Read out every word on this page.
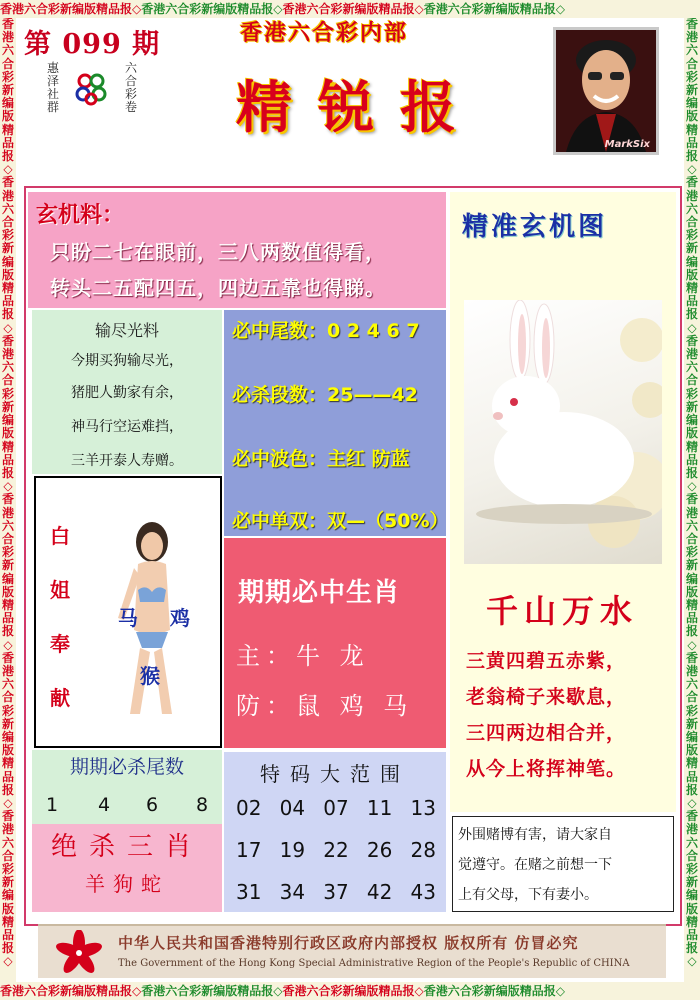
香港六合彩新编版精品报◇香港六合彩新编版精品报◇香港六合彩新编版精品报◇香港六合彩新编版精品报◇
香港六合彩新编版精品报◇香港六合彩新编版精品报◇香港六合彩新编版精品报◇香港六合彩新编版精品报◇
香港六合彩新编版精品报◇香港六合彩新编版精品报◇香港六合彩新编版精品报◇香港六合彩新编版精品报◇香港六合彩新编版精品报◇香港六合彩新编版精品报◇
香港六合彩新编版精品报◇香港六合彩新编版精品报◇香港六合彩新编版精品报◇香港六合彩新编版精品报◇香港六合彩新编版精品报◇香港六合彩新编版精品报◇
第 099 期
惠泽社群
六合彩卷
香港六合彩内部
精锐报
MarkSix
玄机料：
只盼二七在眼前，三八两数值得看，
转头二五配四五，四边五靠也得睇。
输尽光料
今期买狗输尽光，
猪肥人勤家有余，
神马行空运难挡，
三羊开泰人寿赠。
必中尾数：0 2 4 6 7
必杀段数：25——42
必中波色：主红 防蓝
必中单双：双—（50%）
白
姐
奉
献
马 鸡
猴
期期必中生肖
主：牛 龙
防：鼠 鸡 马
期期必杀尾数
1 4 6 8
绝杀三肖
羊狗蛇
特码大范围
02 04 07 11 13
17 19 22 26 28
31 34 37 42 43
精准玄机图
千山万水
三黄四碧五赤紫，
老翁椅子来歇息，
三四两边相合并，
从今上将挥神笔。
外围赌博有害，请大家自
觉遵守。在赌之前想一下
上有父母，下有妻小。
中华人民共和国香港特别行政区政府内部授权 版权所有 仿冒必究
The Government of the Hong Kong Special Administrative Region of the People's Republic of CHINA
